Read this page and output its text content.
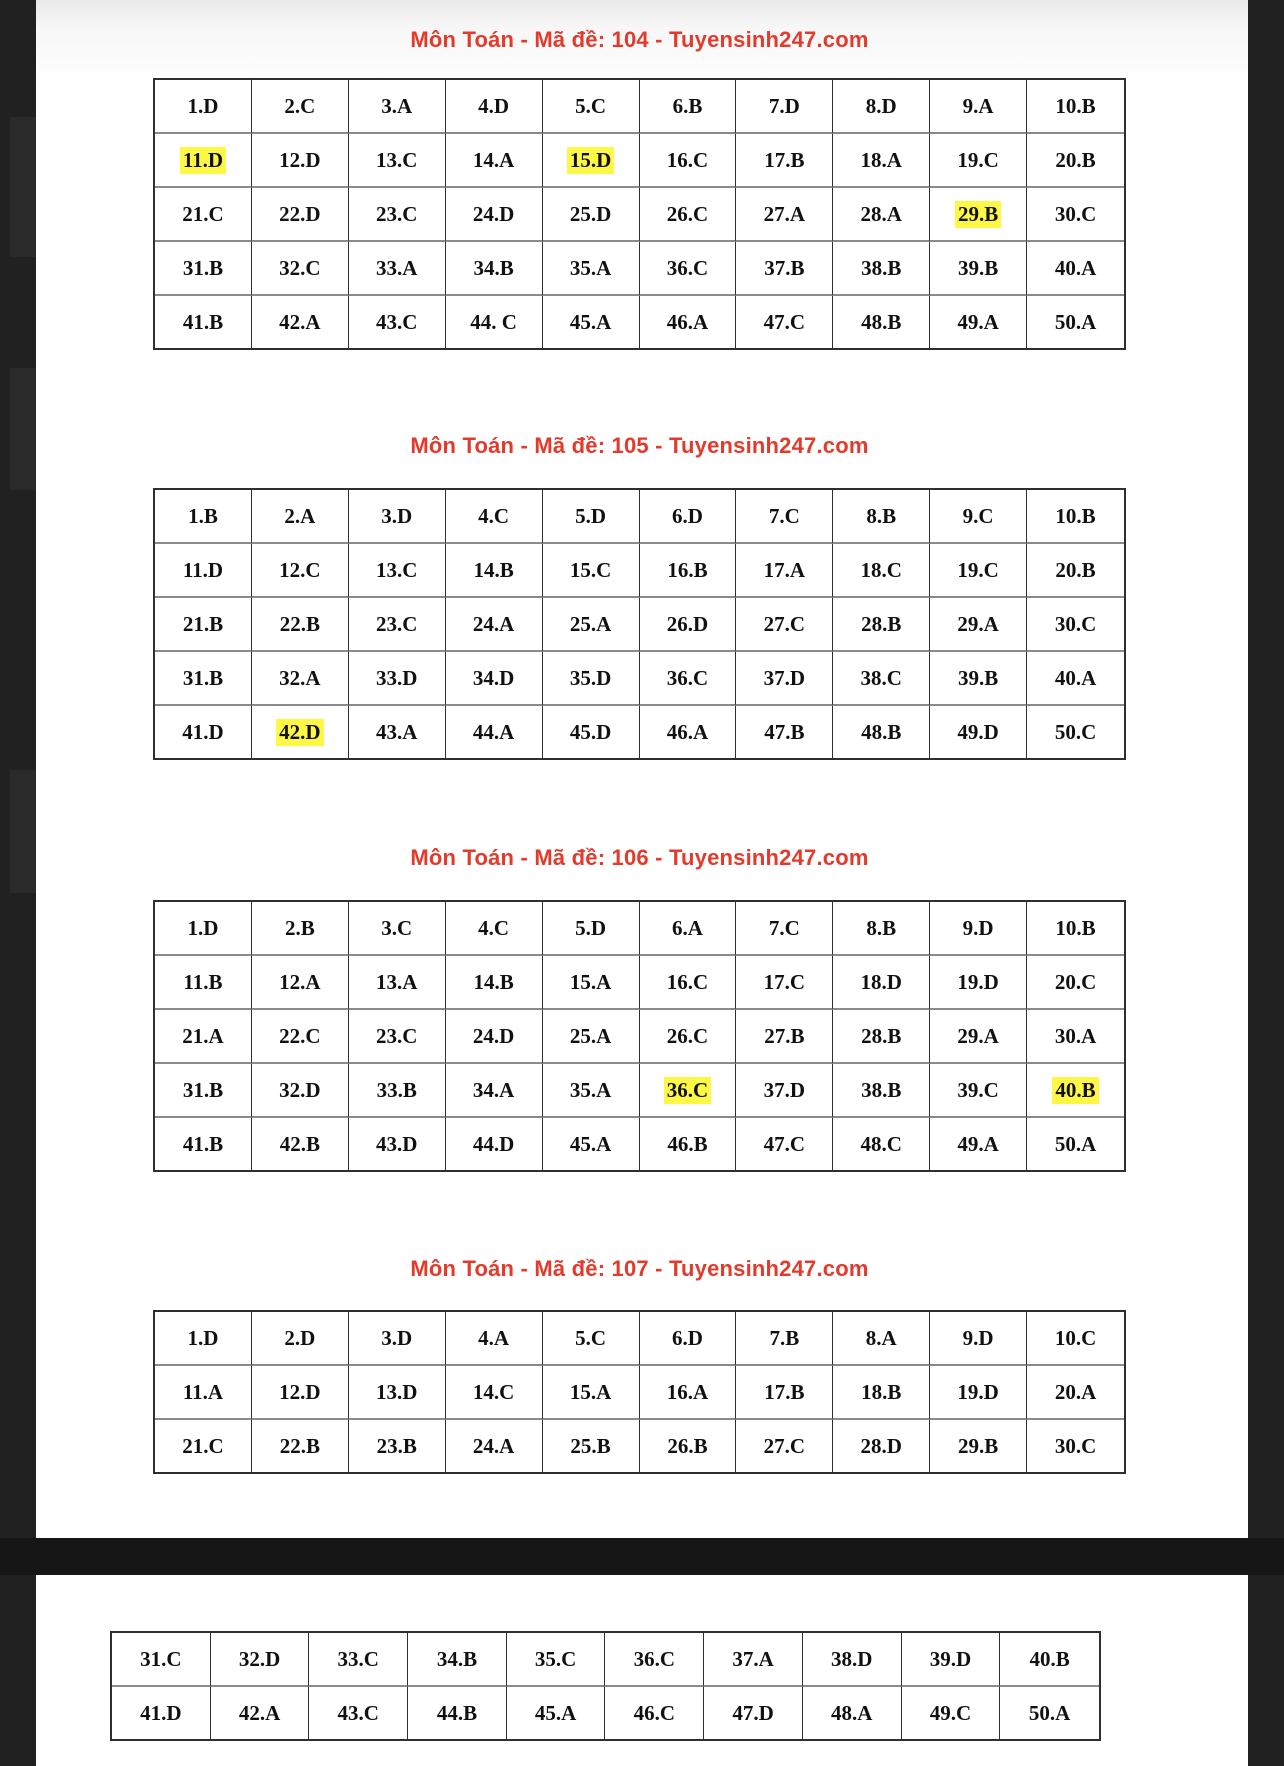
Môn Toán - Mã đề: 104 - Tuyensinh247.com
1.D	2.C	3.A	4.D	5.C	6.B	7.D	8.D	9.A	10.B
11.D	12.D	13.C	14.A	15.D	16.C	17.B	18.A	19.C	20.B
21.C	22.D	23.C	24.D	25.D	26.C	27.A	28.A	29.B	30.C
31.B	32.C	33.A	34.B	35.A	36.C	37.B	38.B	39.B	40.A
41.B	42.A	43.C	44. C	45.A	46.A	47.C	48.B	49.A	50.A
Môn Toán - Mã đề: 105 - Tuyensinh247.com
1.B	2.A	3.D	4.C	5.D	6.D	7.C	8.B	9.C	10.B
11.D	12.C	13.C	14.B	15.C	16.B	17.A	18.C	19.C	20.B
21.B	22.B	23.C	24.A	25.A	26.D	27.C	28.B	29.A	30.C
31.B	32.A	33.D	34.D	35.D	36.C	37.D	38.C	39.B	40.A
41.D	42.D	43.A	44.A	45.D	46.A	47.B	48.B	49.D	50.C
Môn Toán - Mã đề: 106 - Tuyensinh247.com
1.D	2.B	3.C	4.C	5.D	6.A	7.C	8.B	9.D	10.B
11.B	12.A	13.A	14.B	15.A	16.C	17.C	18.D	19.D	20.C
21.A	22.C	23.C	24.D	25.A	26.C	27.B	28.B	29.A	30.A
31.B	32.D	33.B	34.A	35.A	36.C	37.D	38.B	39.C	40.B
41.B	42.B	43.D	44.D	45.A	46.B	47.C	48.C	49.A	50.A
Môn Toán - Mã đề: 107 - Tuyensinh247.com
1.D	2.D	3.D	4.A	5.C	6.D	7.B	8.A	9.D	10.C
11.A	12.D	13.D	14.C	15.A	16.A	17.B	18.B	19.D	20.A
21.C	22.B	23.B	24.A	25.B	26.B	27.C	28.D	29.B	30.C
31.C	32.D	33.C	34.B	35.C	36.C	37.A	38.D	39.D	40.B
41.D	42.A	43.C	44.B	45.A	46.C	47.D	48.A	49.C	50.A
